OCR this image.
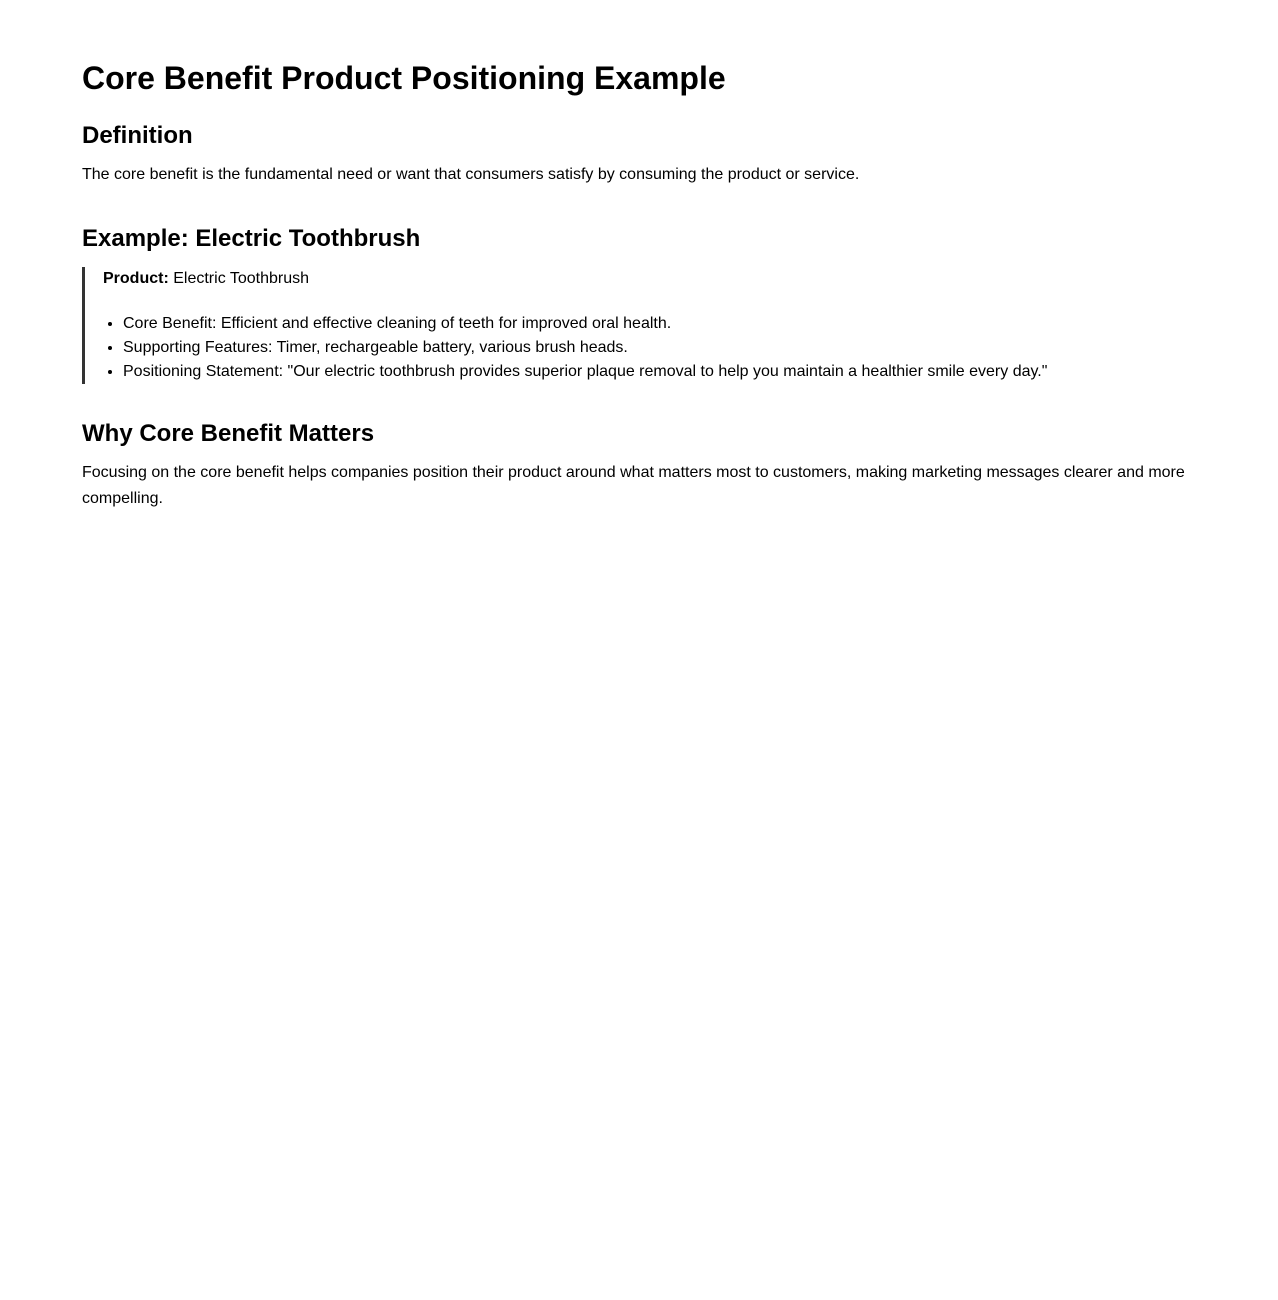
Core Benefit Product Positioning Example
Definition

The core benefit is the fundamental need or want that consumers satisfy by consuming the product or service.

Example: Electric Toothbrush
Product: Electric Toothbrush
• Core Benefit: Efficient and effective cleaning of teeth for improved oral health.
• Supporting Features: Timer, rechargeable battery, various brush heads.
• Positioning Statement: "Our electric toothbrush provides superior plaque removal to help you maintain a healthier smile every day."
Why Core Benefit Matters

Focusing on the core benefit helps companies position their product around what matters most to customers, making marketing messages clearer and more compelling.
